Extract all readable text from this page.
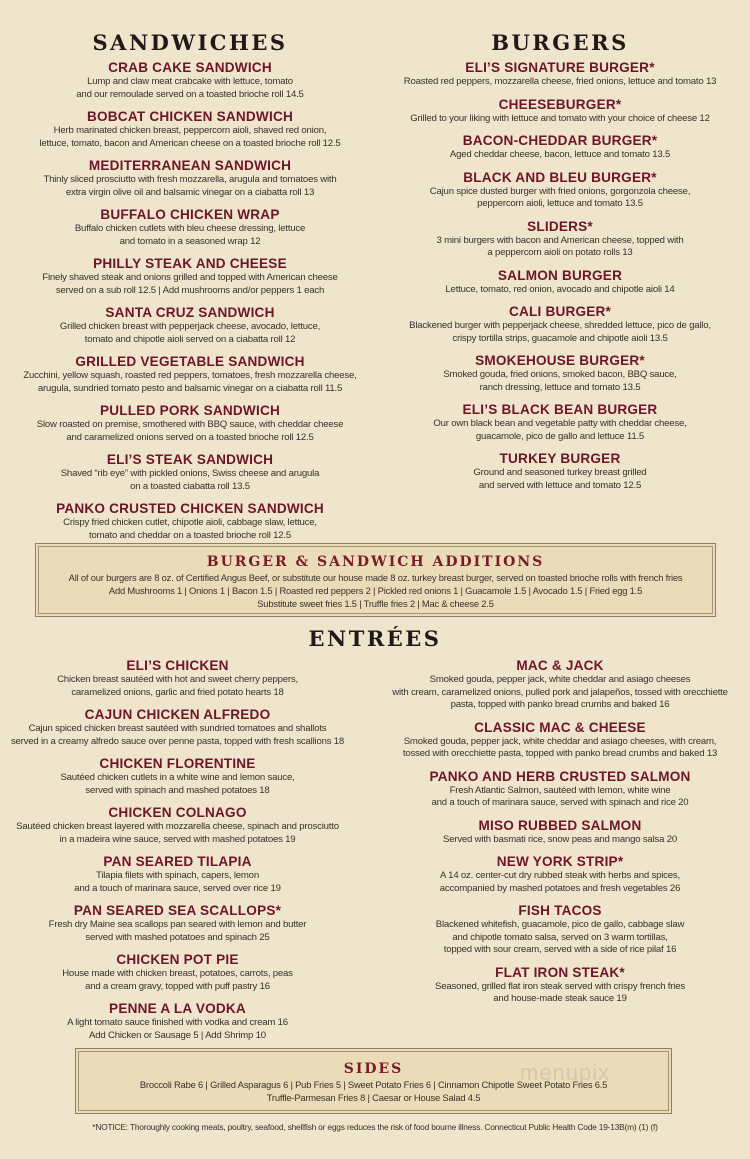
SANDWICHES
CRAB CAKE SANDWICH
Lump and claw meat crabcake with lettuce, tomato
and our remoulade served on a toasted brioche roll 14.5
BOBCAT CHICKEN SANDWICH
Herb marinated chicken breast, peppercorn aioli, shaved red onion,
lettuce, tomato, bacon and American cheese on a toasted brioche roll 12.5
MEDITERRANEAN SANDWICH
Thinly sliced prosciutto with fresh mozzarella, arugula and tomatoes with
extra virgin olive oil and balsamic vinegar on a ciabatta roll 13
BUFFALO CHICKEN WRAP
Buffalo chicken cutlets with bleu cheese dressing, lettuce
and tomato in a seasoned wrap 12
PHILLY STEAK AND CHEESE
Finely shaved steak and onions grilled and topped with American cheese
served on a sub roll 12.5 | Add mushrooms and/or peppers 1 each
SANTA CRUZ SANDWICH
Grilled chicken breast with pepperjack cheese, avocado, lettuce,
tomato and chipotle aioli served on a ciabatta roll 12
GRILLED VEGETABLE SANDWICH
Zucchini, yellow squash, roasted red peppers, tomatoes, fresh mozzarella cheese,
arugula, sundried tomato pesto and balsamic vinegar on a ciabatta roll 11.5
PULLED PORK SANDWICH
Slow roasted on premise, smothered with BBQ sauce, with cheddar cheese
and caramelized onions served on a toasted brioche roll 12.5
ELI’S STEAK SANDWICH
Shaved “rib eye” with pickled onions, Swiss cheese and arugula
on a toasted ciabatta roll 13.5
PANKO CRUSTED CHICKEN SANDWICH
Crispy fried chicken cutlet, chipotle aioli, cabbage slaw, lettuce,
tomato and cheddar on a toasted brioche roll 12.5
BURGERS
ELI’S SIGNATURE BURGER*
Roasted red peppers, mozzarella cheese, fried onions, lettuce and tomato 13
CHEESEBURGER*
Grilled to your liking with lettuce and tomato with your choice of cheese 12
BACON-CHEDDAR BURGER*
Aged cheddar cheese, bacon, lettuce and tomato 13.5
BLACK AND BLEU BURGER*
Cajun spice dusted burger with fried onions, gorgonzola cheese,
peppercorn aioli, lettuce and tomato 13.5
SLIDERS*
3 mini burgers with bacon and American cheese, topped with
a peppercorn aioli on potato rolls 13
SALMON BURGER
Lettuce, tomato, red onion, avocado and chipotle aioli 14
CALI BURGER*
Blackened burger with pepperjack cheese, shredded lettuce, pico de gallo,
crispy tortilla strips, guacamole and chipotle aioli 13.5
SMOKEHOUSE BURGER*
Smoked gouda, fried onions, smoked bacon, BBQ sauce,
ranch dressing, lettuce and tomato 13.5
ELI’S BLACK BEAN BURGER
Our own black bean and vegetable patty with cheddar cheese,
guacamole, pico de gallo and lettuce 11.5
TURKEY BURGER
Ground and seasoned turkey breast grilled
and served with lettuce and tomato 12.5
BURGER & SANDWICH ADDITIONS
All of our burgers are 8 oz. of Certified Angus Beef, or substitute our house made 8 oz. turkey breast burger, served on toasted brioche rolls with french fries
Add Mushrooms 1 | Onions 1 | Bacon 1.5 | Roasted red peppers 2 | Pickled red onions 1 | Guacamole 1.5 | Avocado 1.5 | Fried egg 1.5
Substitute sweet fries 1.5 | Truffle fries 2 | Mac & cheese 2.5
ENTRÉES
ELI’S CHICKEN
Chicken breast sautéed with hot and sweet cherry peppers,
caramelized onions, garlic and fried potato hearts 18
CAJUN CHICKEN ALFREDO
Cajun spiced chicken breast sautéed with sundried tomatoes and shallots
served in a creamy alfredo sauce over penne pasta, topped with fresh scallions 18
CHICKEN FLORENTINE
Sautéed chicken cutlets in a white wine and lemon sauce,
served with spinach and mashed potatoes 18
CHICKEN COLNAGO
Sautéed chicken breast layered with mozzarella cheese, spinach and prosciutto
in a madeira wine sauce, served with mashed potatoes 19
PAN SEARED TILAPIA
Tilapia filets with spinach, capers, lemon
and a touch of marinara sauce, served over rice 19
PAN SEARED SEA SCALLOPS*
Fresh dry Maine sea scallops pan seared with lemon and butter
served with mashed potatoes and spinach 25
CHICKEN POT PIE
House made with chicken breast, potatoes, carrots, peas
and a cream gravy, topped with puff pastry 16
PENNE A LA VODKA
A light tomato sauce finished with vodka and cream 16
Add Chicken or Sausage 5 | Add Shrimp 10
MAC & JACK
Smoked gouda, pepper jack, white cheddar and asiago cheeses
with cream, caramelized onions, pulled pork and jalapeños, tossed with orecchiette
pasta, topped with panko bread crumbs and baked 16
CLASSIC MAC & CHEESE
Smoked gouda, pepper jack, white cheddar and asiago cheeses, with cream,
tossed with orecchiette pasta, topped with panko bread crumbs and baked 13
PANKO AND HERB CRUSTED SALMON
Fresh Atlantic Salmon, sautéed with lemon, white wine
and a touch of marinara sauce, served with spinach and rice 20
MISO RUBBED SALMON
Served with basmati rice, snow peas and mango salsa 20
NEW YORK STRIP*
A 14 oz. center-cut dry rubbed steak with herbs and spices,
accompanied by mashed potatoes and fresh vegetables 26
FISH TACOS
Blackened whitefish, guacamole, pico de gallo, cabbage slaw
and chipotle tomato salsa, served on 3 warm tortillas,
topped with sour cream, served with a side of rice pilaf 16
FLAT IRON STEAK*
Seasoned, grilled flat iron steak served with crispy french fries
and house-made steak sauce 19
SIDES
Broccoli Rabe 6 | Grilled Asparagus 6 | Pub Fries 5 | Sweet Potato Fries 6 | Cinnamon Chipotle Sweet Potato Fries 6.5
Truffle-Parmesan Fries 8 | Caesar or House Salad 4.5
menupix
*NOTICE: Thoroughly cooking meats, poultry, seafood, shellfish or eggs reduces the risk of food bourne illness. Connecticut Public Health Code 19-13B(m) (1) (f)
